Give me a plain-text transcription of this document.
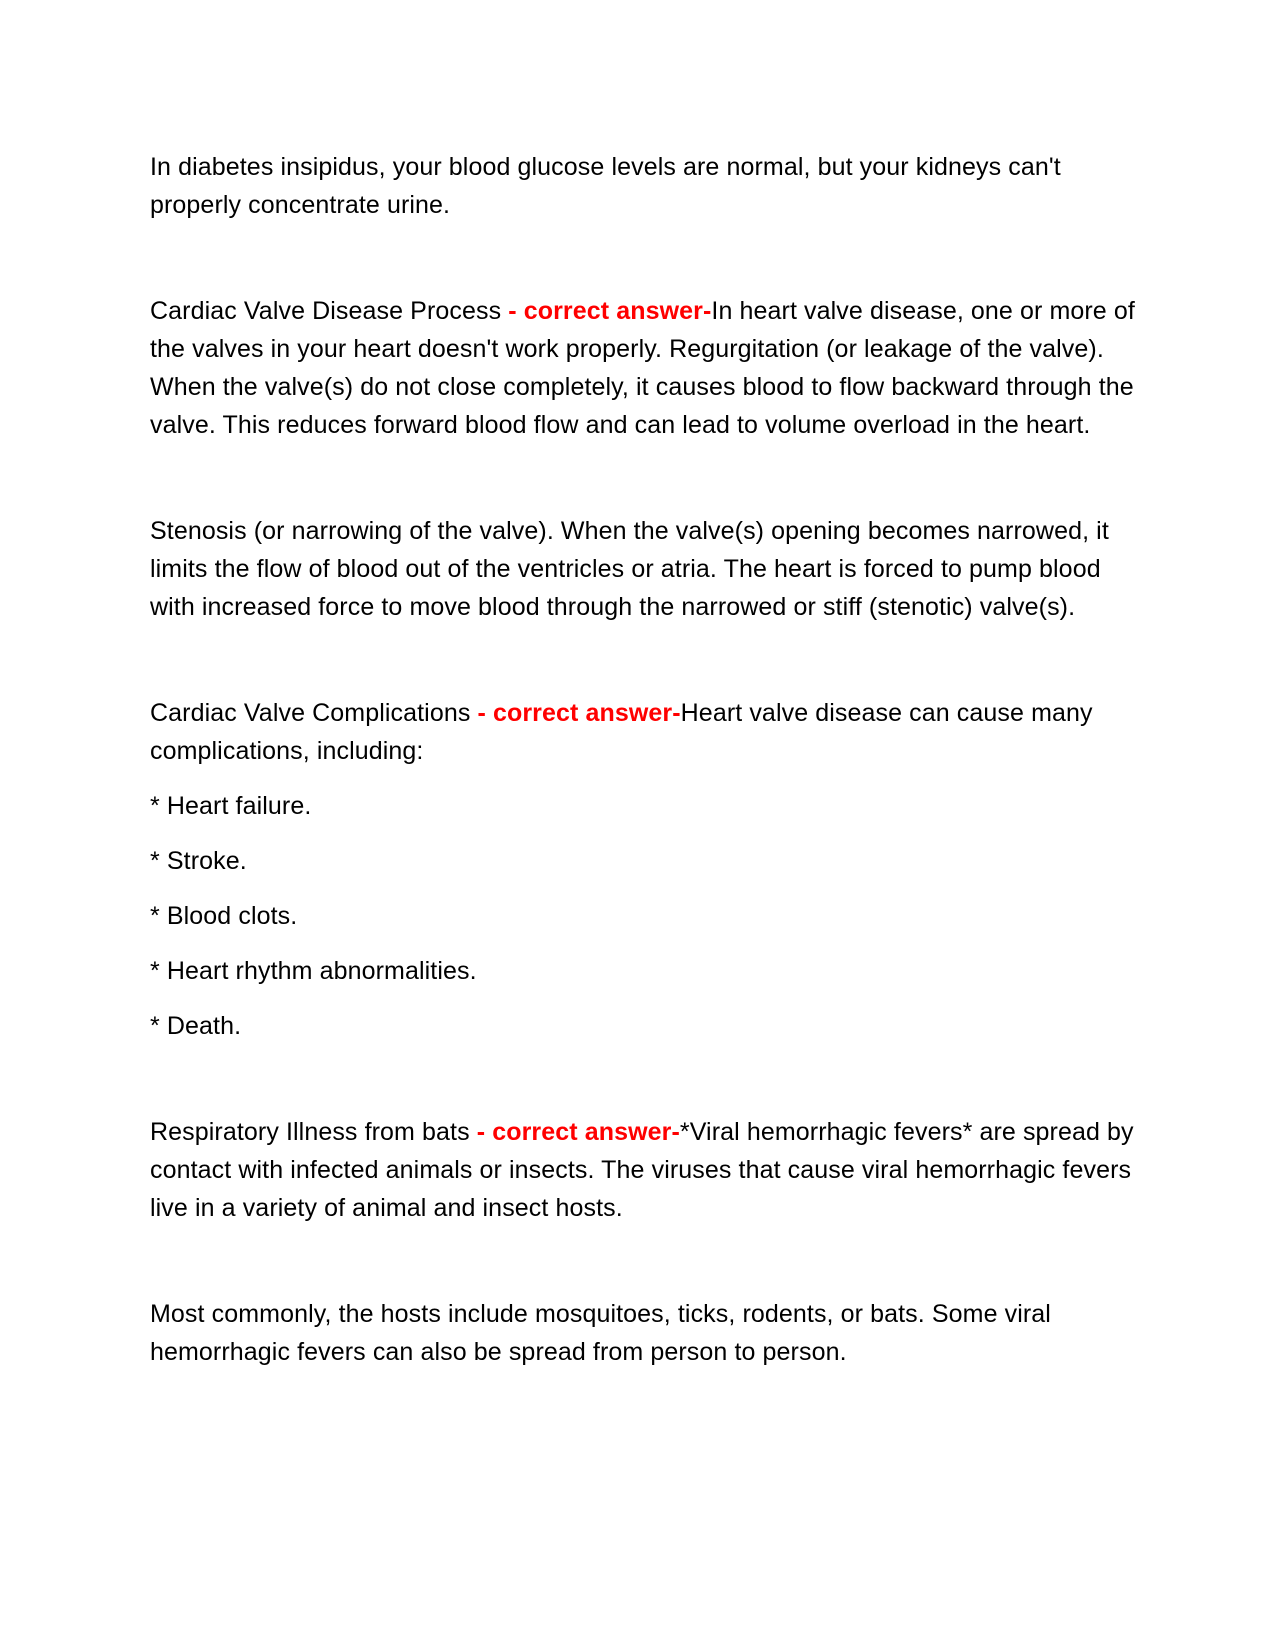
In diabetes insipidus, your blood glucose levels are normal, but your kidneys can't properly concentrate urine.

Cardiac Valve Disease Process - correct answer-In heart valve disease, one or more of the valves in your heart doesn't work properly. Regurgitation (or leakage of the valve). When the valve(s) do not close completely, it causes blood to flow backward through the valve. This reduces forward blood flow and can lead to volume overload in the heart.

Stenosis (or narrowing of the valve). When the valve(s) opening becomes narrowed, it limits the flow of blood out of the ventricles or atria. The heart is forced to pump blood with increased force to move blood through the narrowed or stiff (stenotic) valve(s).

Cardiac Valve Complications - correct answer-Heart valve disease can cause many complications, including:

* Heart failure.

* Stroke.

* Blood clots.

* Heart rhythm abnormalities.

* Death.

Respiratory Illness from bats - correct answer-*Viral hemorrhagic fevers* are spread by contact with infected animals or insects. The viruses that cause viral hemorrhagic fevers live in a variety of animal and insect hosts.

Most commonly, the hosts include mosquitoes, ticks, rodents, or bats. Some viral hemorrhagic fevers can also be spread from person to person.
